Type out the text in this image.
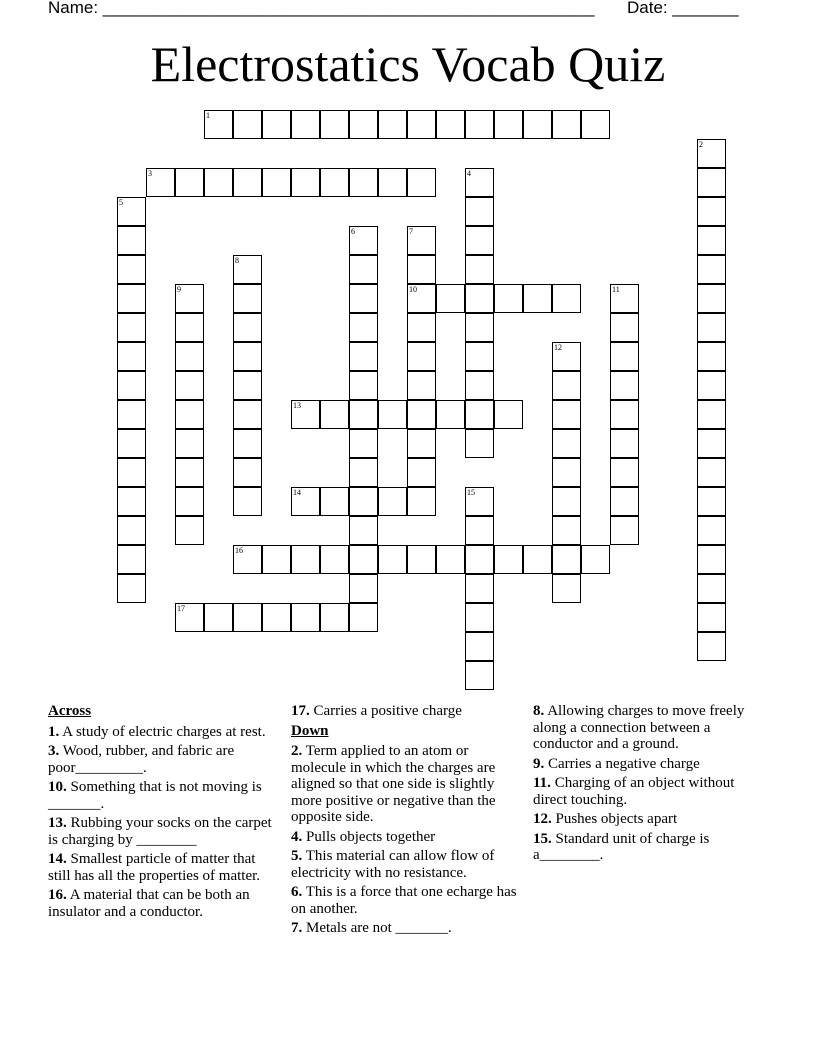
Name: ____________________________________________________ Date: _______
Electrostatics Vocab Quiz
1
2
3	4
5
6	7
10
8
9	11
12
13
14	15
16
17
Across
1. A study of electric charges at rest.
3. Wood, rubber, and fabric are poor_________.
10. Something that is not moving is _______.
13. Rubbing your socks on the carpet is charging by ________
14. Smallest particle of matter that still has all the properties of matter.
16. A material that can be both an insulator and a conductor.
17. Carries a positive charge
Down
2. Term applied to an atom or molecule in which the charges are aligned so that one side is slightly more positive or negative than the opposite side.
4. Pulls objects together
5. This material can allow flow of electricity with no resistance.
6. This is a force that one echarge has on another.
7. Metals are not _______.
8. Allowing charges to move freely along a connection between a conductor and a ground.
9. Carries a negative charge
11. Charging of an object without direct touching.
12. Pushes objects apart
15. Standard unit of charge is a________.
